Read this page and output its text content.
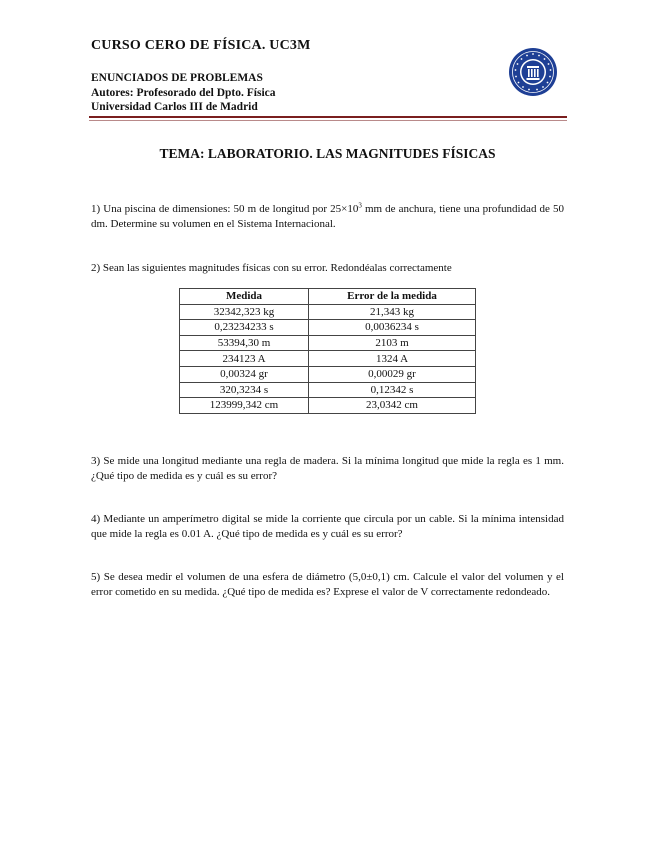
CURSO CERO DE FÍSICA. UC3M
ENUNCIADOS DE PROBLEMAS
Autores: Profesorado del Dpto. Física
Universidad Carlos III de Madrid
TEMA: LABORATORIO. LAS MAGNITUDES FÍSICAS

1) Una piscina de dimensiones: 50 m de longitud por $25\times 10^3$ mm de anchura, tiene una profundidad de 50 dm. Determine su volumen en el Sistema Internacional.

2) Sean las siguientes magnitudes físicas con su error. Redondéalas correctamente

Medida	Error de la medida
32342,323 kg	21,343 kg
0,23234233 s	0,0036234 s
53394,30 m	2103 m
234123 A	1324 A
0,00324 gr	0,00029 gr
320,3234 s	0,12342 s
123999,342 cm	23,0342 cm

3) Se mide una longitud mediante una regla de madera. Si la mínima longitud que mide la regla es 1 mm. ¿Qué tipo de medida es y cuál es su error?

4) Mediante un amperímetro digital se mide la corriente que circula por un cable. Si la mínima intensidad que mide la regla es 0.01 A. ¿Qué tipo de medida es y cuál es su error?

5) Se desea medir el volumen de una esfera de diámetro (5,0±0,1) cm. Calcule el valor del volumen y el error cometido en su medida. ¿Qué tipo de medida es? Exprese el valor de V correctamente redondeado.
